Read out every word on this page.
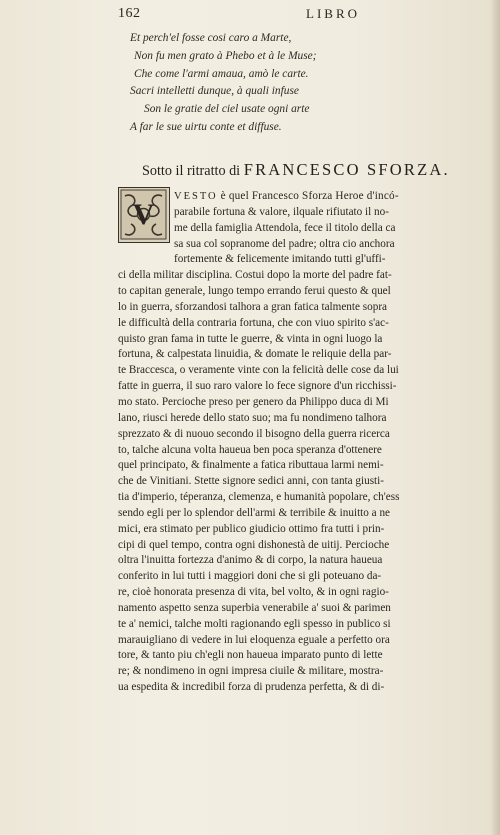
162	LIBRO
Et perch'el fosse cosi caro a Marte,
Non fu men grato à Phebo et à le Muse;
Che come l'armi amaua, amò le carte.
Sacri intelletti dunque, à quali infuse
Son le gratie del ciel usate ogni arte
A far le sue uirtu conte et diffuse.
Sotto il ritratto di FRANCESCO SFORZA.
V
VESTO è quel Francesco Sforza Heroe d'incó-
parabile fortuna & valore, ilquale rifiutato il no-
me della famiglia Attendola, fece il titolo della ca
sa sua col sopranome del padre; oltra cio anchora
fortemente & felicemente imitando tutti gl'uffi-
ci della militar disciplina. Costui dopo la morte del padre fat-
to capitan generale, lungo tempo errando ferui questo & quel
lo in guerra, sforzandosi talhora a gran fatica talmente sopra
le difficultà della contraria fortuna, che con viuo spirito s'ac-
quisto gran fama in tutte le guerre, & vinta in ogni luogo la
fortuna, & calpestata linuidia, & domate le reliquie della par-
te Braccesca, o veramente vinte con la felicità delle cose da lui
fatte in guerra, il suo raro valore lo fece signore d'un ricchissi-
mo stato. Percioche preso per genero da Philippo duca di Mi
lano, riusci herede dello stato suo; ma fu nondimeno talhora
sprezzato & di nuouo secondo il bisogno della guerra ricerca
to, talche alcuna volta haueua ben poca speranza d'ottenere
quel principato, & finalmente a fatica ributtaua larmi nemi-
che de Vinitiani. Stette signore sedici anni, con tanta giusti-
tia d'imperio, téperanza, clemenza, e humanità popolare, ch'ess
sendo egli per lo splendor dell'armi & terribile & inuitto a ne
mici, era stimato per publico giudicio ottimo fra tutti i prin-
cipi di quel tempo, contra ogni dishonestà de uitij. Percioche
oltra l'inuitta fortezza d'animo & di corpo, la natura haueua
conferito in lui tutti i maggiori doni che si gli poteuano da-
re, cioè honorata presenza di vita, bel volto, & in ogni ragio-
namento aspetto senza superbia venerabile a' suoi & parimen
te a' nemici, talche molti ragionando egli spesso in publico si
marauigliano di vedere in lui eloquenza eguale a perfetto ora
tore, & tanto piu ch'egli non haueua imparato punto di lette
re; & nondimeno in ogni impresa ciuile & militare, mostra-
ua espedita & incredibil forza di prudenza perfetta, & di di-
